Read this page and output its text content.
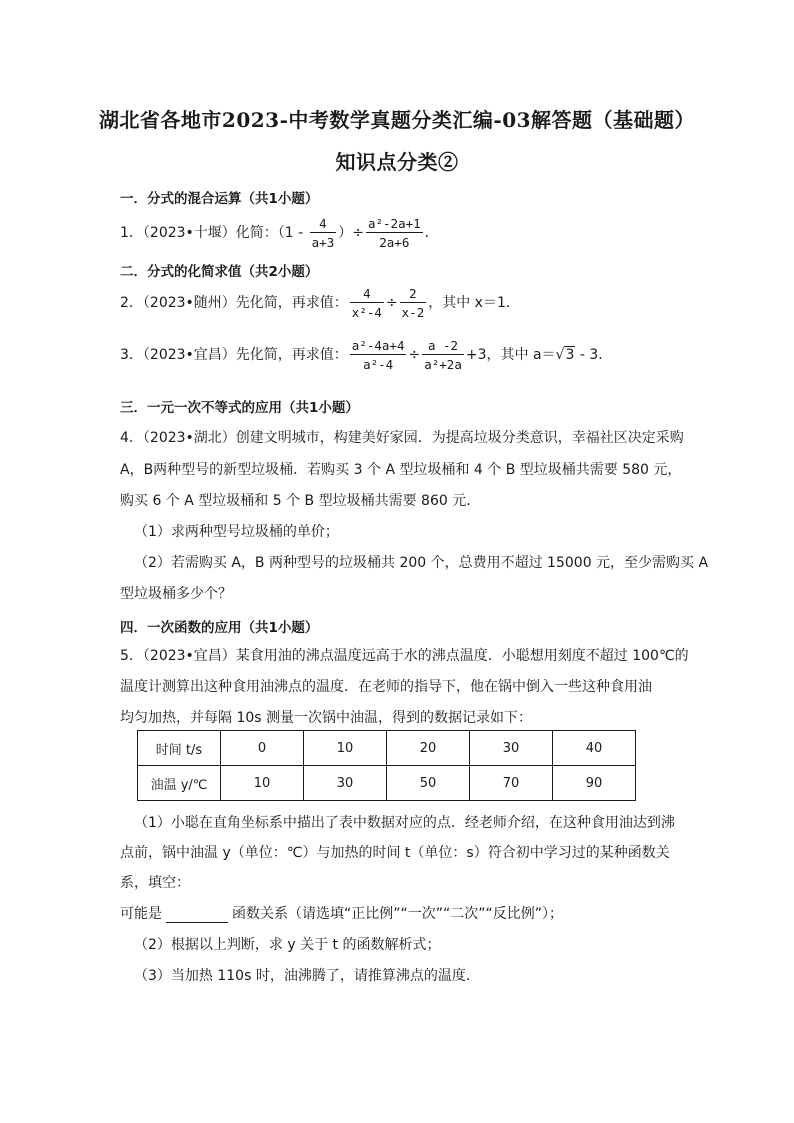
湖北省各地市2023-中考数学真题分类汇编-03解答题（基础题）
知识点分类②
一．分式的混合运算（共1小题）
1．（2023•十堰）化简：（$1 - \frac{4}{a+3}$ ）÷ $\frac{\text{a²-2a+1}}{2a+6}$ ．
二．分式的化简求值（共2小题）
2．（2023•随州）先化简，再求值： $\frac{4}{\text{x²-4}} \div \frac{2}{x-2}$ ，其中 x＝1．
3．（2023•宜昌）先化简，再求值： $\frac{\text{a²-4a+4}}{\text{a²-4}} \div \frac{a -2}{\text{a²+2a}} +3$，其中 a＝√3 - 3．
三．一元一次不等式的应用（共1小题）
4．（2023•湖北）创建文明城市，构建美好家园．为提高垃圾分类意识，幸福社区决定采购
A，B两种型号的新型垃圾桶．若购买 3 个 A 型垃圾桶和 4 个 B 型垃圾桶共需要 580 元，
购买 6 个 A 型垃圾桶和 5 个 B 型垃圾桶共需要 860 元．
（1）求两种型号垃圾桶的单价；
（2）若需购买 A，B 两种型号的垃圾桶共 200 个，总费用不超过 15000 元，至少需购买 A
型垃圾桶多少个？
四．一次函数的应用（共1小题）
5．（2023•宜昌）某食用油的沸点温度远高于水的沸点温度．小聪想用刻度不超过 100℃的
温度计测算出这种食用油沸点的温度．在老师的指导下，他在锅中倒入一些这种食用油
均匀加热，并每隔 10s 测量一次锅中油温，得到的数据记录如下：
时间 t/s	0	10	20	30	40
油温 y/℃	10	30	50	70	90
（1）小聪在直角坐标系中描出了表中数据对应的点．经老师介绍，在这种食用油达到沸
点前，锅中油温 y（单位：℃）与加热的时间 t（单位：s）符合初中学习过的某种函数关
系，填空：
可能是	函数关系（请选填“正比例”“一次”“二次”“反比例”）；
（2）根据以上判断，求 y 关于 t 的函数解析式；
（3）当加热 110s 时，油沸腾了，请推算沸点的温度．
